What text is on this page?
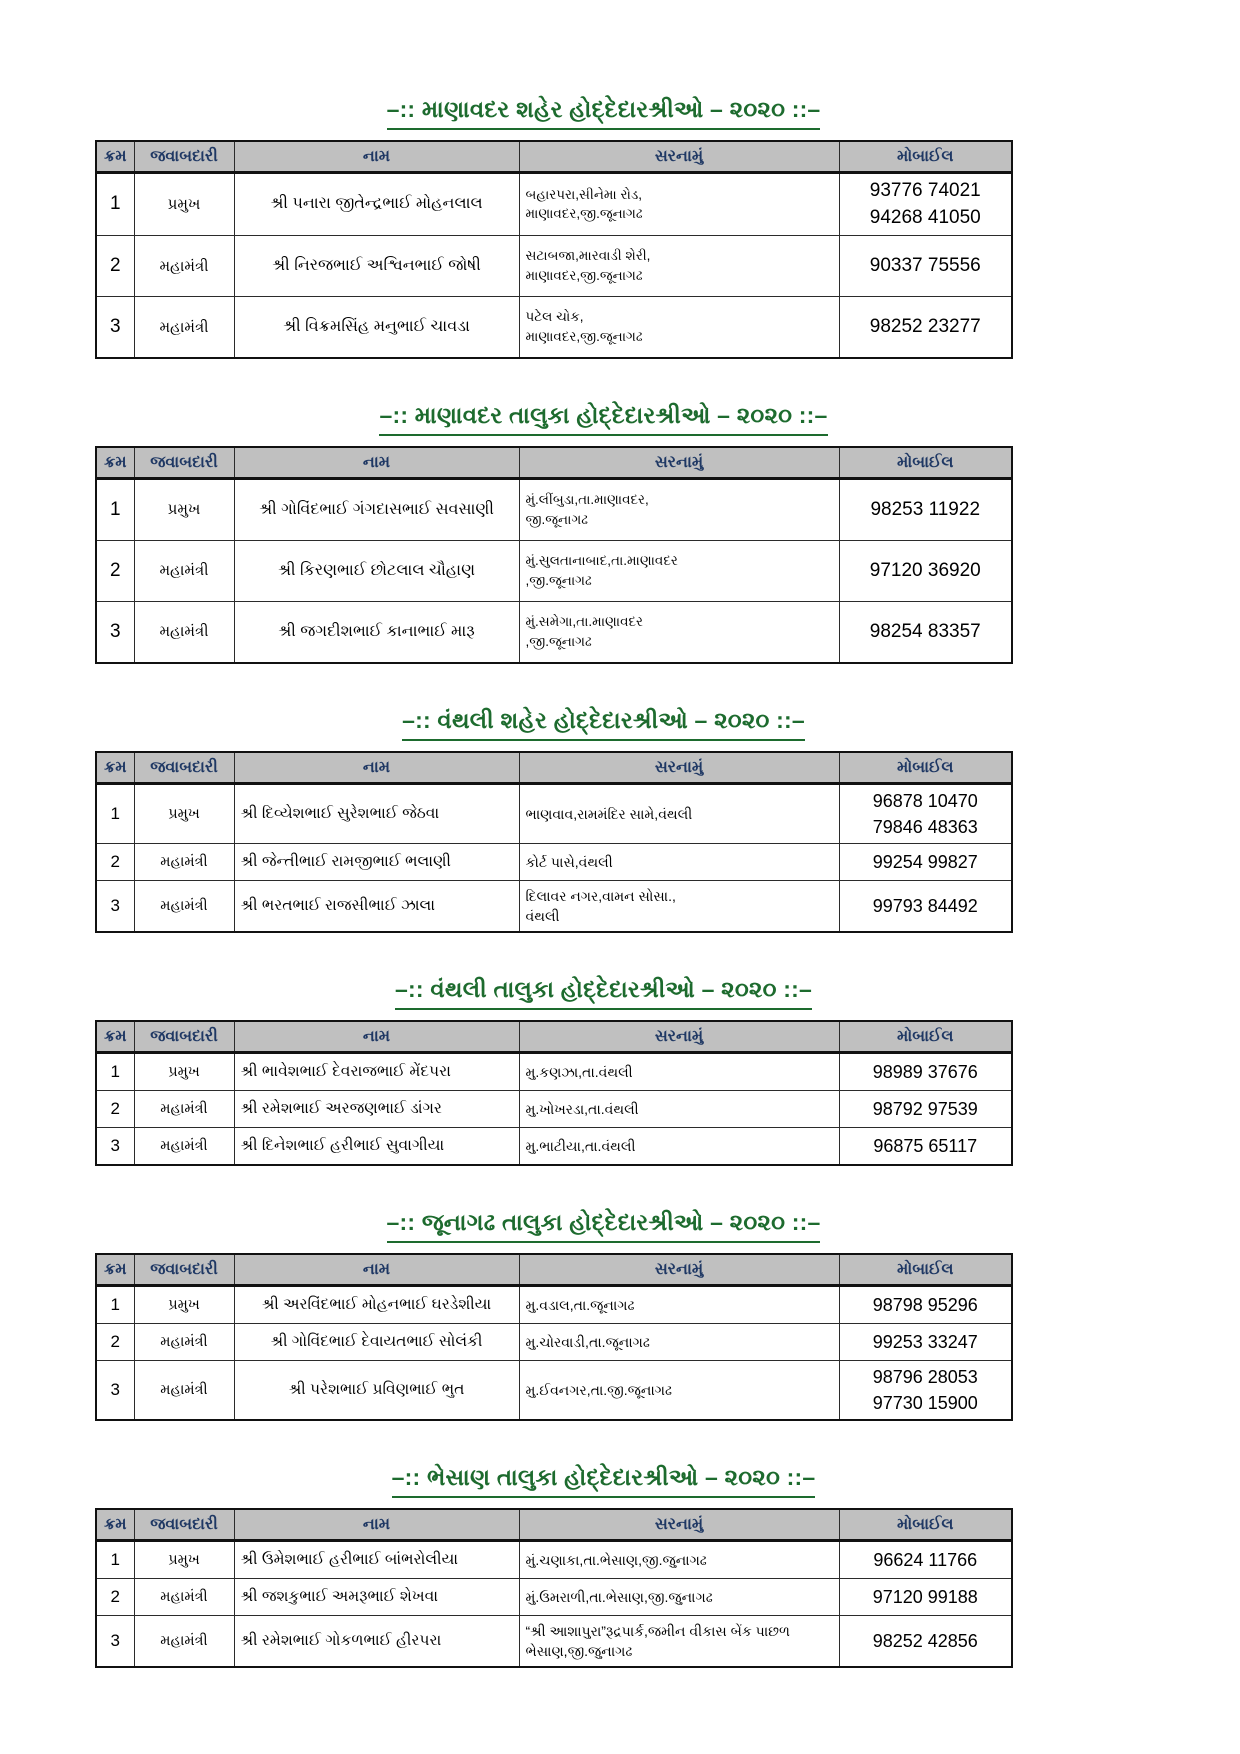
–:: માણાવદર શહેર હોદ્દેદારશ્રીઓ – ૨૦૨૦ ::–
ક્રમ	જવાબદારી	નામ	સરનામું	મોબાઈલ
1	પ્રમુખ	શ્રી પનારા જીતેન્દ્રભાઈ મોહનલાલ	બહારપરા,સીનેમા રોડ,
માણાવદર,જી.જૂનાગઢ	93776 74021
94268 41050

2	મહામંત્રી	શ્રી નિરજભાઈ અશ્વિનભાઈ જોષી	સટાબજા,મારવાડી શેરી,
માણાવદર,જી.જૂનાગઢ	90337 75556
3	મહામંત્રી	શ્રી વિક્રમસિંહ મનુભાઈ ચાવડા	પટેલ ચોક,
માણાવદર,જી.જૂનાગઢ	98252 23277
–:: માણાવદર તાલુકા હોદ્દેદારશ્રીઓ – ૨૦૨૦ ::–
ક્રમ	જવાબદારી	નામ	સરનામું	મોબાઈલ
1	પ્રમુખ	શ્રી ગોવિંદભાઈ ગંગદાસભાઈ સવસાણી	મું.લીંબુડા,તા.માણાવદર,
જી.જૂનાગઢ	98253 11922
2	મહામંત્રી	શ્રી કિરણભાઈ છોટલાલ ચૌહાણ	મું.સુલતાનાબાદ,તા.માણાવદર
,જી.જૂનાગઢ	97120 36920
3	મહામંત્રી	શ્રી જગદીશભાઈ કાનાભાઈ મારૂ	મું.સમેગા,તા.માણાવદર
,જી.જૂનાગઢ	98254 83357
–:: વંથલી શહેર હોદ્દેદારશ્રીઓ – ૨૦૨૦ ::–
ક્રમ	જવાબદારી	નામ	સરનામું	મોબાઈલ
1	પ્રમુખ	શ્રી દિવ્યેશભાઈ સુરેશભાઈ જેઠવા	ભાણવાવ,રામમંદિર સામે,વંથલી	96878 10470
79846 48363

2	મહામંત્રી	શ્રી જેન્તીભાઈ રામજીભાઈ ભલાણી	કોર્ટ પાસે,વંથલી	99254 99827
3	મહામંત્રી	શ્રી ભરતભાઈ રાજસીભાઈ ઝાલા	દિલાવર નગર,વામન સોસા.,
વંથલી	99793 84492
–:: વંથલી તાલુકા હોદ્દેદારશ્રીઓ – ૨૦૨૦ ::–
ક્રમ	જવાબદારી	નામ	સરનામું	મોબાઈલ
1	પ્રમુખ	શ્રી ભાવેશભાઈ દેવરાજભાઈ મેંદપરા	મુ.કણઝા,તા.વંથલી	98989 37676
2	મહામંત્રી	શ્રી રમેશભાઈ અરજણભાઈ ડાંગર	મુ.ખોખરડા,તા.વંથલી	98792 97539
3	મહામંત્રી	શ્રી દિનેશભાઈ હરીભાઈ સુવાગીયા	મુ.ભાટીયા,તા.વંથલી	96875 65117
–:: જૂનાગઢ તાલુકા હોદ્દેદારશ્રીઓ – ૨૦૨૦ ::–
ક્રમ	જવાબદારી	નામ	સરનામું	મોબાઈલ
1	પ્રમુખ	શ્રી અરવિંદભાઈ મોહનભાઈ ઘરડેશીયા	મુ.વડાલ,તા.જૂનાગઢ	98798 95296
2	મહામંત્રી	શ્રી ગોવિંદભાઈ દેવાયતભાઈ સોલંકી	મુ.ચોરવાડી,તા.જૂનાગઢ	99253 33247
3	મહામંત્રી	શ્રી પરેશભાઈ પ્રવિણભાઈ ભુત	મુ.ઈવનગર,તા.જી.જૂનાગઢ	98796 28053
97730 15900
–:: ભેસાણ તાલુકા હોદ્દેદારશ્રીઓ – ૨૦૨૦ ::–
ક્રમ	જવાબદારી	નામ	સરનામું	મોબાઈલ
1	પ્રમુખ	શ્રી ઉમેશભાઈ હરીભાઈ બાંભરોલીયા	મું.ચણાકા,તા.ભેસાણ,જી.જુનાગઢ	96624 11766
2	મહામંત્રી	શ્રી જશકુભાઈ અમરૂભાઈ શેખવા	મું.ઉમરાળી,તા.ભેસાણ,જી.જુનાગઢ	97120 99188
3	મહામંત્રી	શ્રી રમેશભાઈ ગોકળભાઈ હીરપરા	“શ્રી આશાપુરા”રૂદ્રપાર્ક,જમીન વીકાસ બેંક પાછળ
ભેસાણ,જી.જુનાગઢ	98252 42856
